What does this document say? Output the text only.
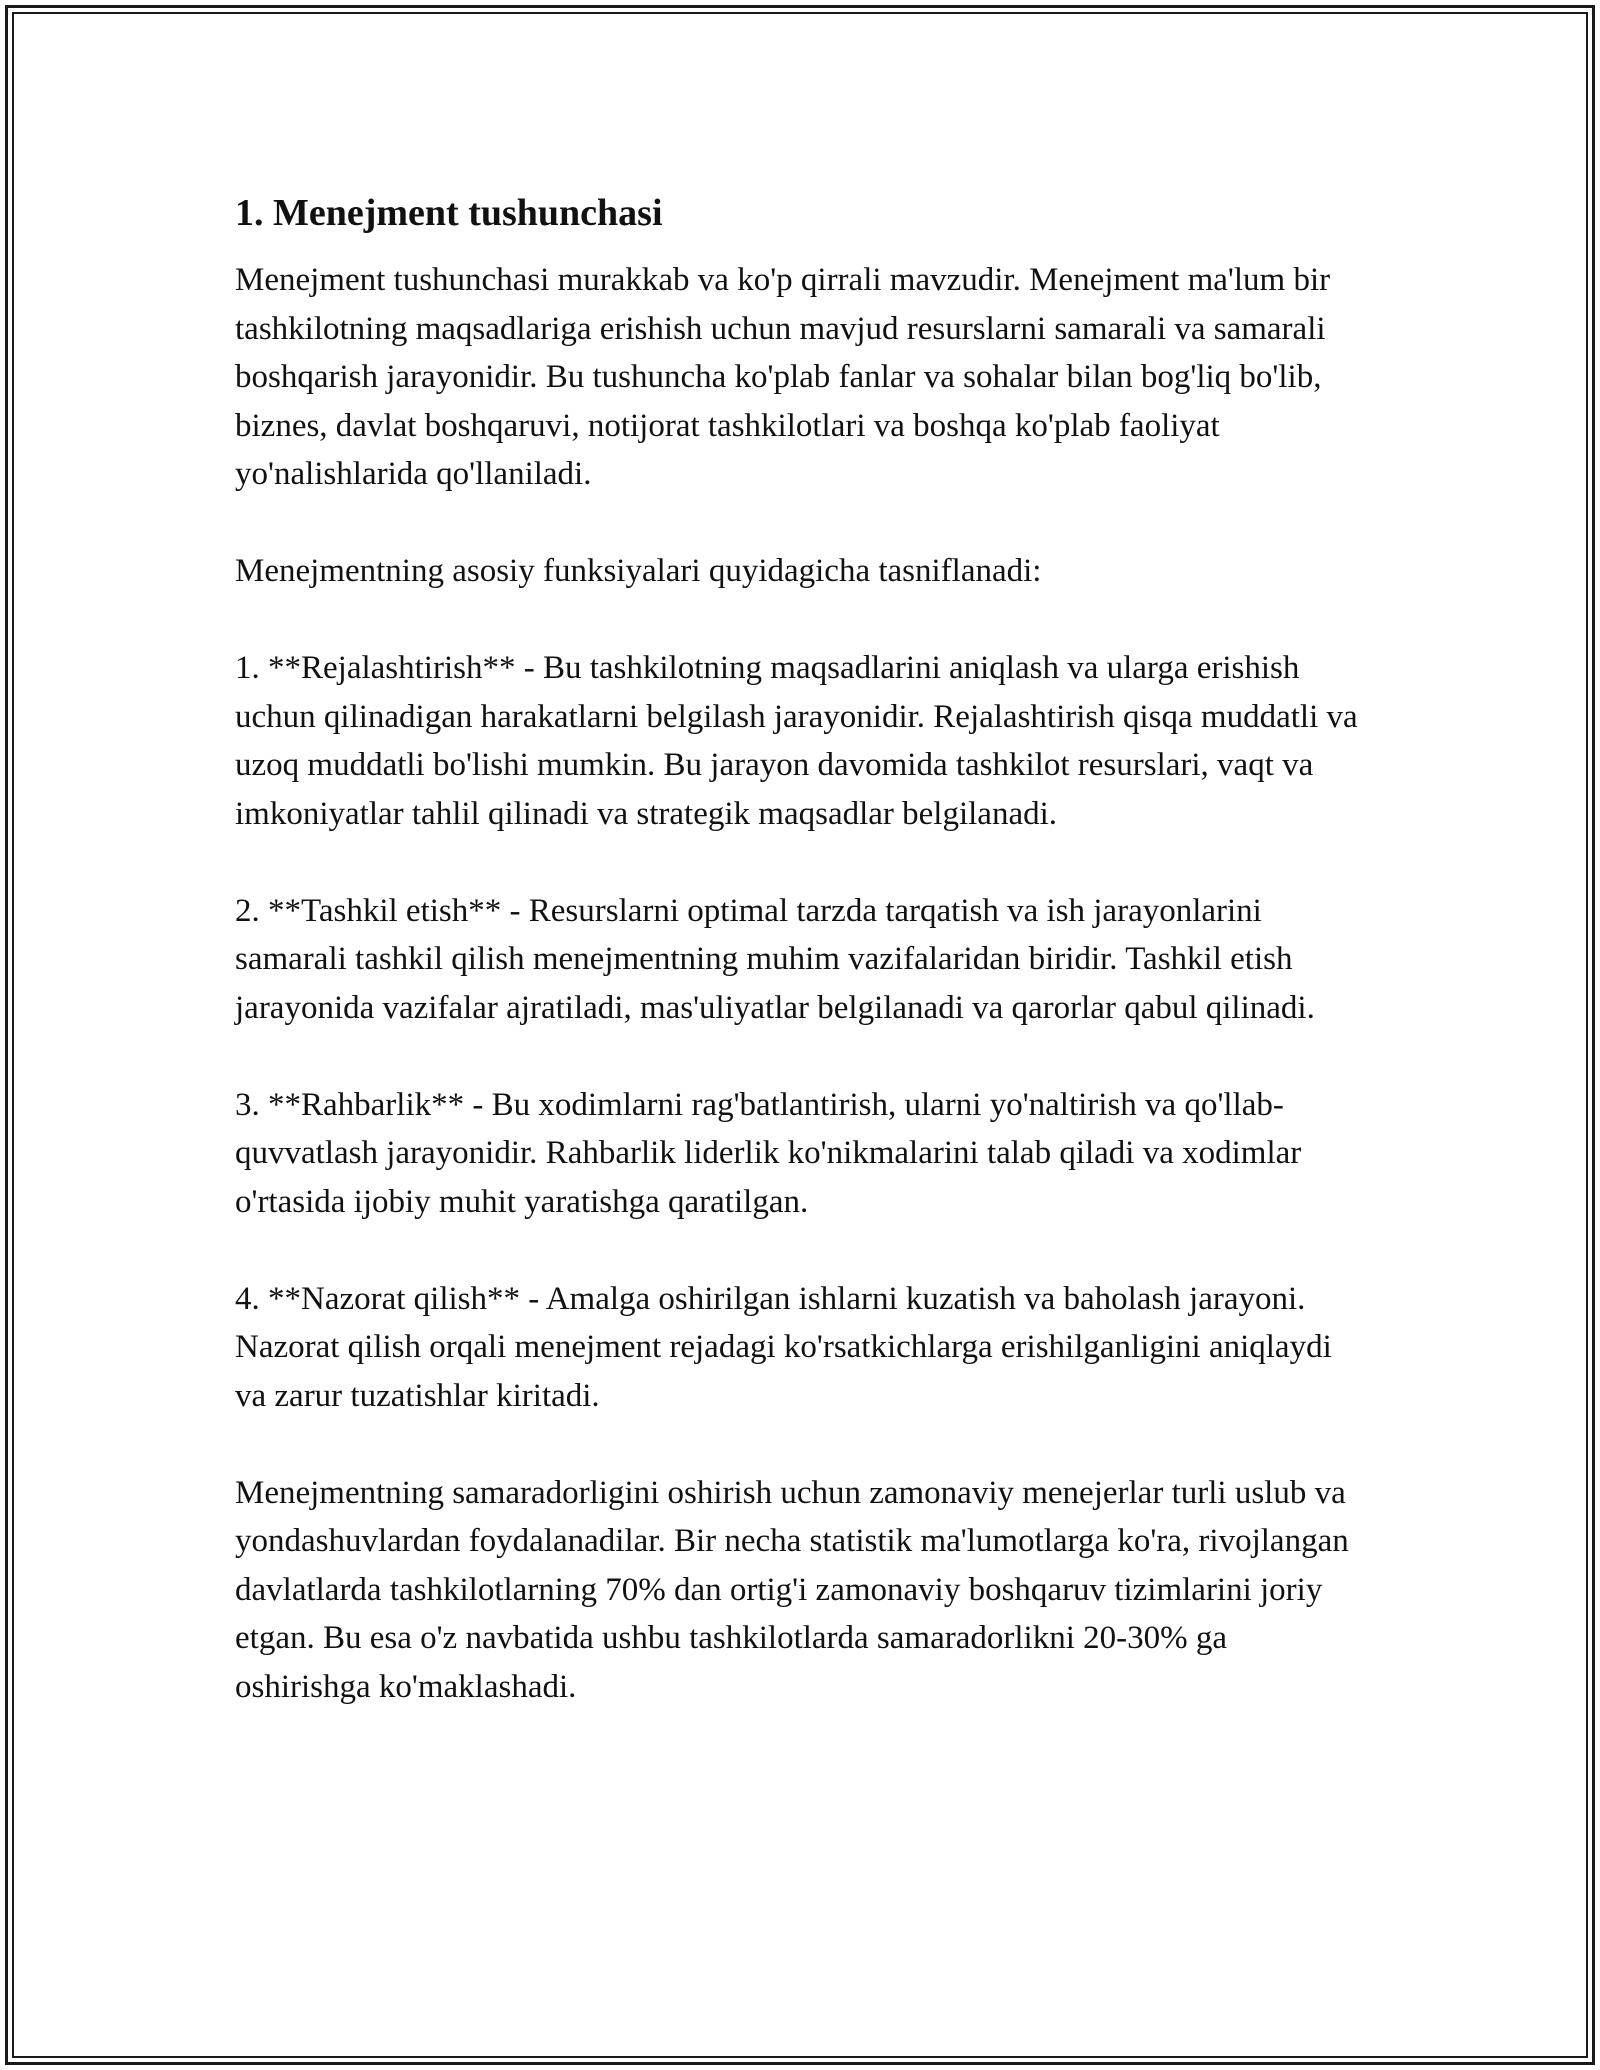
1. Menejment tushunchasi
Menejment tushunchasi murakkab va ko'p qirrali mavzudir. Menejment ma'lum bir tashkilotning maqsadlariga erishish uchun mavjud resurslarni samarali va samarali boshqarish jarayonidir. Bu tushuncha ko'plab fanlar va sohalar bilan bog'liq bo'lib, biznes, davlat boshqaruvi, notijorat tashkilotlari va boshqa ko'plab faoliyat yo'nalishlarida qo'llaniladi.
Menejmentning asosiy funksiyalari quyidagicha tasniflanadi:
1. **Rejalashtirish** - Bu tashkilotning maqsadlarini aniqlash va ularga erishish uchun qilinadigan harakatlarni belgilash jarayonidir. Rejalashtirish qisqa muddatli va uzoq muddatli bo'lishi mumkin. Bu jarayon davomida tashkilot resurslari, vaqt va imkoniyatlar tahlil qilinadi va strategik maqsadlar belgilanadi.
2. **Tashkil etish** - Resurslarni optimal tarzda tarqatish va ish jarayonlarini samarali tashkil qilish menejmentning muhim vazifalaridan biridir. Tashkil etish jarayonida vazifalar ajratiladi, mas'uliyatlar belgilanadi va qarorlar qabul qilinadi.
3. **Rahbarlik** - Bu xodimlarni rag'batlantirish, ularni yo'naltirish va qo'llab-quvvatlash jarayonidir. Rahbarlik liderlik ko'nikmalarini talab qiladi va xodimlar o'rtasida ijobiy muhit yaratishga qaratilgan.
4. **Nazorat qilish** - Amalga oshirilgan ishlarni kuzatish va baholash jarayoni. Nazorat qilish orqali menejment rejadagi ko'rsatkichlarga erishilganligini aniqlaydi va zarur tuzatishlar kiritadi.
Menejmentning samaradorligini oshirish uchun zamonaviy menejerlar turli uslub va yondashuvlardan foydalanadilar. Bir necha statistik ma'lumotlarga ko'ra, rivojlangan davlatlarda tashkilotlarning 70% dan ortig'i zamonaviy boshqaruv tizimlarini joriy etgan. Bu esa o'z navbatida ushbu tashkilotlarda samaradorlikni 20-30% ga oshirishga ko'maklashadi.
